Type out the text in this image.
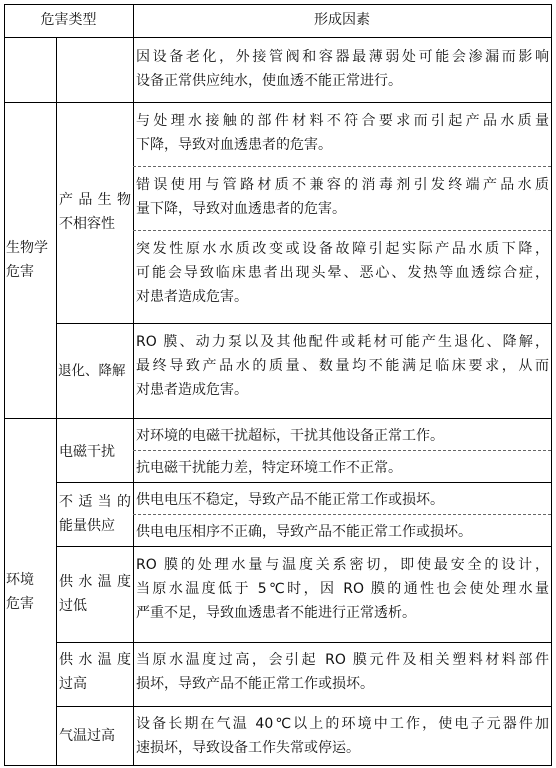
危害类型	形成因素
生物学
危害
环境
危害
产品生物
不相容性
退化、降解
电磁干扰
不适当的
能量供应
供水温度
过低
供水温度
过高
气温过高
因设备老化，外接管阀和容器最薄弱处可能会渗漏而影响
设备正常供应纯水，使血透不能正常进行。
与处理水接触的部件材料不符合要求而引起产品水质量
下降，导致对血透患者的危害。
错误使用与管路材质不兼容的消毒剂引发终端产品水质
量下降，导致对血透患者的危害。
突发性原水水质改变或设备故障引起实际产品水质下降，
可能会导致临床患者出现头晕、恶心、发热等血透综合症，
对患者造成危害。
RO 膜、动力泵以及其他配件或耗材可能产生退化、降解，
最终导致产品水的质量、数量均不能满足临床要求，从而
对患者造成危害。
对环境的电磁干扰超标，干扰其他设备正常工作。
抗电磁干扰能力差，特定环境工作不正常。
供电电压不稳定，导致产品不能正常工作或损坏。
供电电压相序不正确，导致产品不能正常工作或损坏。
RO 膜的处理水量与温度关系密切，即使最安全的设计，
当原水温度低于 5℃时，因 RO 膜的通性也会使处理水量
严重不足，导致血透患者不能进行正常透析。
当原水温度过高，会引起 RO 膜元件及相关塑料材料部件
损坏，导致产品不能正常工作或损坏。
设备长期在气温 40℃以上的环境中工作，使电子元器件加
速损坏，导致设备工作失常或停运。
